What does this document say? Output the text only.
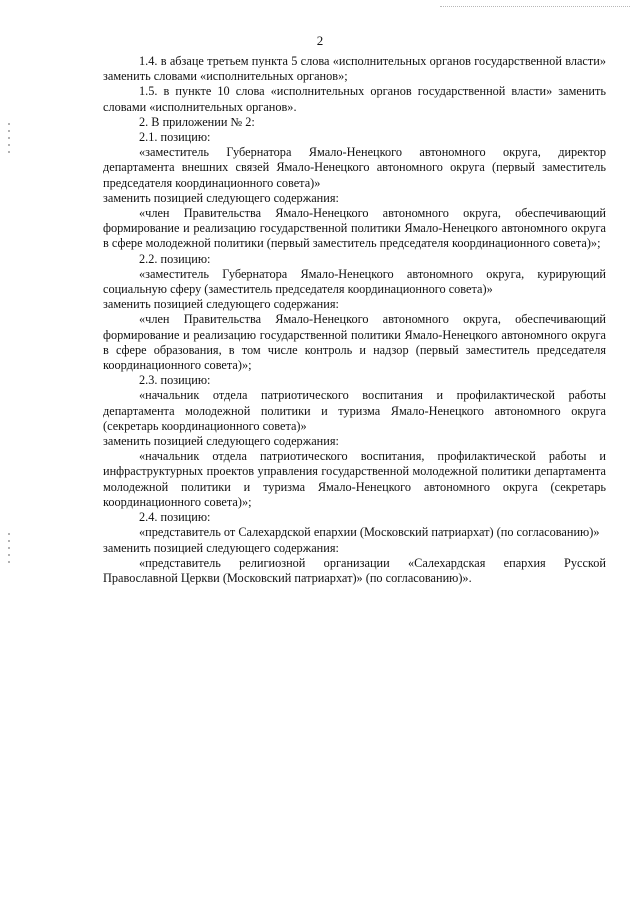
2

1.4. в абзаце третьем пункта 5 слова «исполнительных органов государственной власти» заменить словами «исполнительных органов»;

1.5. в пункте 10 слова «исполнительных органов государственной власти» заменить словами «исполнительных органов».

2. В приложении № 2:

2.1. позицию:

«заместитель Губернатора Ямало-Ненецкого автономного округа, директор департамента внешних связей Ямало-Ненецкого автономного округа (первый заместитель председателя координационного совета)»

заменить позицией следующего содержания:

«член Правительства Ямало-Ненецкого автономного округа, обеспечивающий формирование и реализацию государственной политики Ямало-Ненецкого автономного округа в сфере молодежной политики (первый заместитель председателя координационного совета)»;

2.2. позицию:

«заместитель Губернатора Ямало-Ненецкого автономного округа, курирующий социальную сферу (заместитель председателя координационного совета)»

заменить позицией следующего содержания:

«член Правительства Ямало-Ненецкого автономного округа, обеспечивающий формирование и реализацию государственной политики Ямало-Ненецкого автономного округа в сфере образования, в том числе контроль и надзор (первый заместитель председателя координационного совета)»;

2.3. позицию:

«начальник отдела патриотического воспитания и профилактической работы департамента молодежной политики и туризма Ямало-Ненецкого автономного округа (секретарь координационного совета)»

заменить позицией следующего содержания:

«начальник отдела патриотического воспитания, профилактической работы и инфраструктурных проектов управления государственной молодежной политики департамента молодежной политики и туризма Ямало-Ненецкого автономного округа (секретарь координационного совета)»;

2.4. позицию:

«представитель от Салехардской епархии (Московский патриархат) (по согласованию)»

заменить позицией следующего содержания:

«представитель религиозной организации «Салехардская епархия Русской Православной Церкви (Московский патриархат)» (по согласованию)».
